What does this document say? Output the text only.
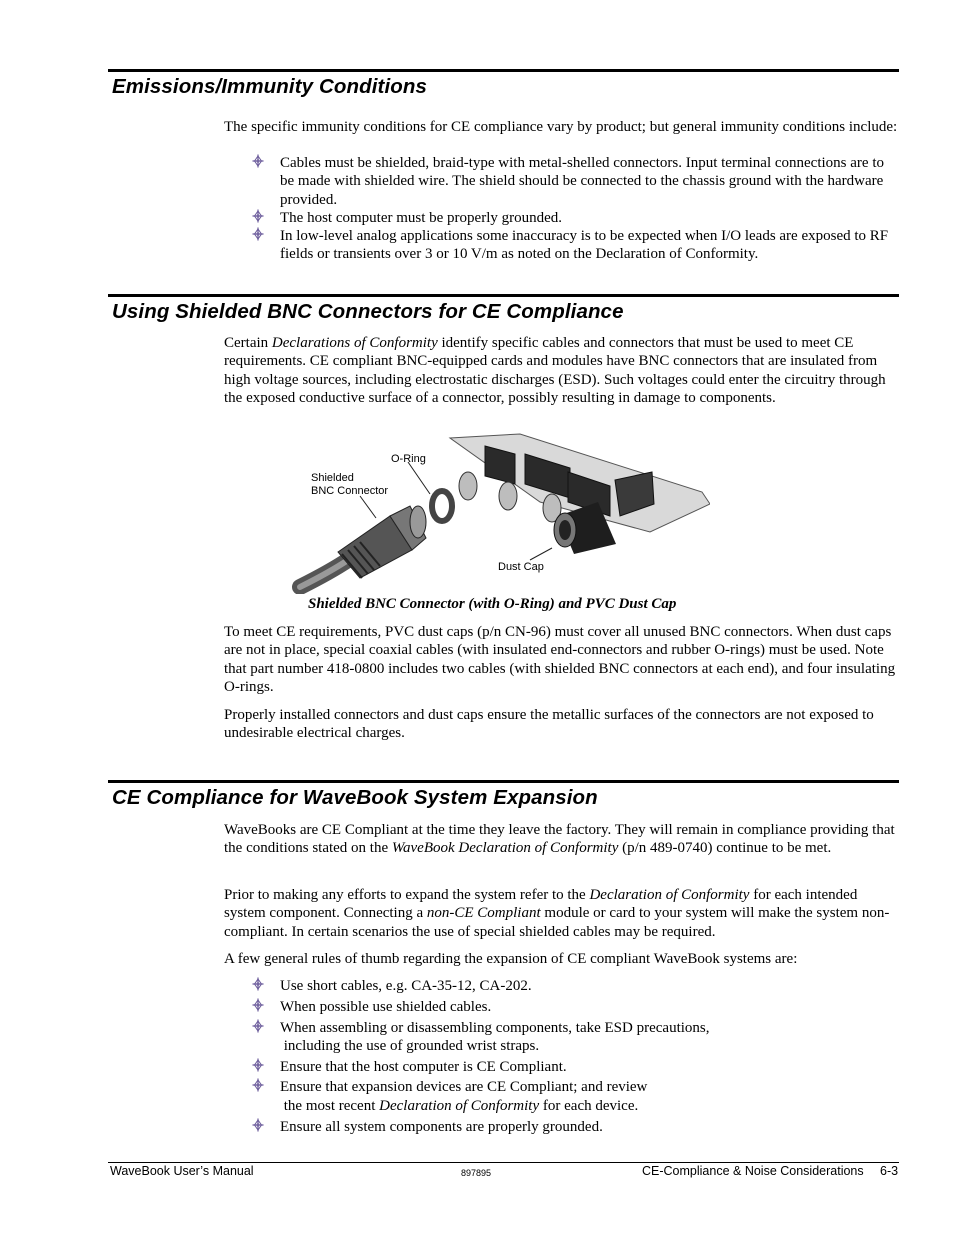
Emissions/Immunity Conditions

The specific immunity conditions for CE compliance vary by product; but general immunity conditions include:

Cables must be shielded, braid-type with metal-shelled connectors. Input terminal connections are to be made with shielded wire. The shield should be connected to the chassis ground with the hardware provided.
The host computer must be properly grounded.
In low-level analog applications some inaccuracy is to be expected when I/O leads are exposed to RF fields or transients over 3 or 10 V/m as noted on the Declaration of Conformity.
Using Shielded BNC Connectors for CE Compliance

Certain Declarations of Conformity identify specific cables and connectors that must be used to meet CE requirements. CE compliant BNC-equipped cards and modules have BNC connectors that are insulated from high voltage sources, including electrostatic discharges (ESD). Such voltages could enter the circuitry through the exposed conductive surface of a connector, possibly resulting in damage to components.

O-Ring
Shielded
BNC Connector
Dust Cap

Shielded BNC Connector (with O-Ring) and PVC Dust Cap

To meet CE requirements, PVC dust caps (p/n CN-96) must cover all unused BNC connectors. When dust caps are not in place, special coaxial cables (with insulated end-connectors and rubber O-rings) must be used. Note that part number 418-0800 includes two cables (with shielded BNC connectors at each end), and four insulating O-rings.

Properly installed connectors and dust caps ensure the metallic surfaces of the connectors are not exposed to undesirable electrical charges.

CE Compliance for WaveBook System Expansion

WaveBooks are CE Compliant at the time they leave the factory. They will remain in compliance providing that the conditions stated on the WaveBook Declaration of Conformity (p/n 489-0740) continue to be met.

Prior to making any efforts to expand the system refer to the Declaration of Conformity for each intended system component. Connecting a non-CE Compliant module or card to your system will make the system non-compliant. In certain scenarios the use of special shielded cables may be required.

A few general rules of thumb regarding the expansion of CE compliant WaveBook systems are:

Use short cables, e.g. CA-35-12, CA-202.
When possible use shielded cables.
When assembling or disassembling components, take ESD precautions,
including the use of grounded wrist straps.
Ensure that the host computer is CE Compliant.
Ensure that expansion devices are CE Compliant; and review
the most recent Declaration of Conformity for each device.
Ensure all system components are properly grounded.
WaveBook User’s Manual	897895	CE-Compliance & Noise Considerations 6-3
